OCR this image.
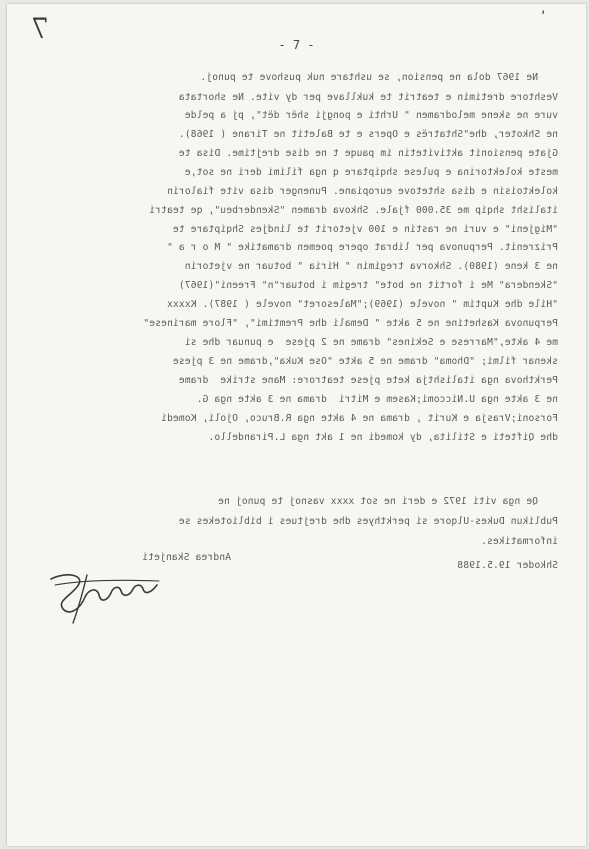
7	ʹ
- 7 -
Ne 1967 dola ne pension, se ushtare nuk pushove te punoj.
Veshtore dretimin e teatrit te kukllave per dy vite. Ne shortata
vure ne skene melodramen " Urhti e pongji shër dët", pj a pelde
ne Shkoter, dhe"Shtatrës e Opers e te Baletit ne Tirane ( 1968).
Gjate pensionit aktivitetin im pauqe t ne dise drejtime. Disa te
meste kolektorina e pulese shqiptare q nga filimi deri ne sot,e
kolektoisin e disa shtetove europiane. Punenger disa vite fialorin
italisht shqip me 35.000 fjale. Shkova dramen "Skenderbeu", qe teatri
"Migjeni" e vuri ne rastin e 100 vjetorit te lindjes Shqiptare te
Prizrenit. Perpunova per librat opere poemen dramatike " M o r a "
ne 3 kene (1980). Shkorva tregimin " Hiria " botuar ne vjetorin
"Skendera" Me i fortit ne bote" tregim i botuar"n" Freeni"(1967)
"Hile dhe Kuptim " novele (1969);"Malesoret" novele ( 1987). Kxxxx
Perpunova Kashetine ne 5 akte " Demali dhe Premtimi", "Flore marinese"
me 4 akte,"Marrese e Sekines" drame ne 2 pjese  e punuar dhe si
skenar filmi; "Dhoma" drame ne 5 akte "Ose Kuka",drame ne 3 pjese
Perkthova nga italishtja kete pjese teatrore: Mane strike  drame
ne 3 akte nga U.Niccomi;Kasem e Mitri  drama ne 3 akte nga G.
Forsoni;Vrasja e Kurit , drama ne 4 akte nga R.Bruco, Ojoli, Komedi
dhe Qifteti e Stilita, dy komedi ne 1 akt nga L.Pirandello.
Qe nga viti 1972 e deri ne sot xxxx vasnoj te punoj ne
Publikun Dukes-Ulqore si perkthyes dhe drejtues i bibliotekes se
informatikes.
Shkoder 19.5.1988
Andrea Skanjeti
